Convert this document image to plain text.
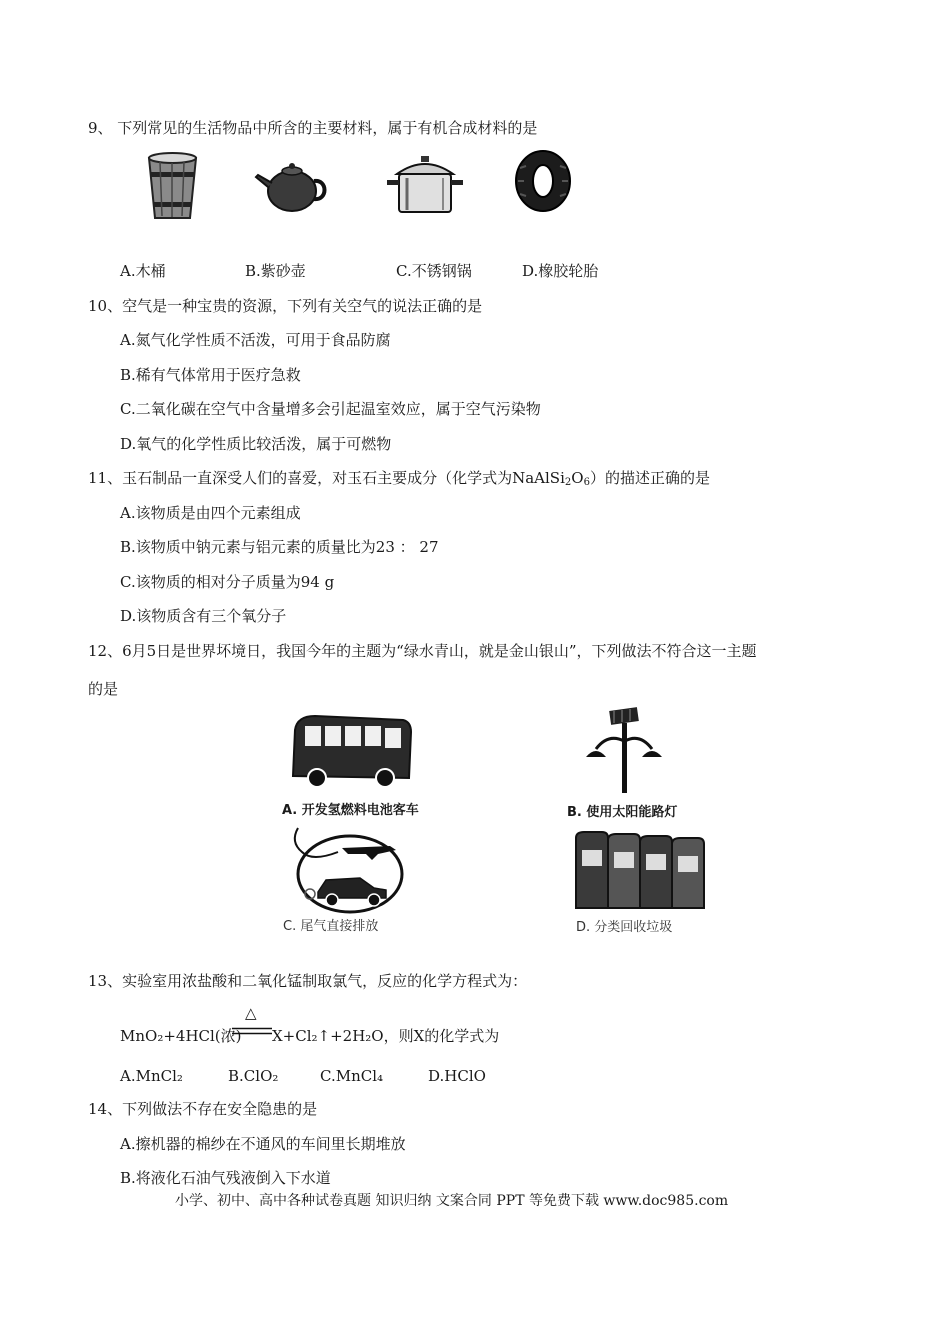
9、 下列常见的生活物品中所含的主要材料，属于有机合成材料的是
A.木桶	B.紫砂壶	C.不锈钢锅	D.橡胶轮胎
10、空气是一种宝贵的资源，下列有关空气的说法正确的是
A.氮气化学性质不活泼，可用于食品防腐
B.稀有气体常用于医疗急救
C.二氧化碳在空气中含量增多会引起温室效应，属于空气污染物
D.氧气的化学性质比较活泼，属于可燃物
11、玉石制品一直深受人们的喜爱，对玉石主要成分（化学式为$NaAlSi_2O_6$）的描述正确的是
A.该物质是由四个元素组成
B.该物质中钠元素与铝元素的质量比为23 ： 27
C.该物质的相对分子质量为94 g
D.该物质含有三个氧分子
12、6月5日是世界坏境日，我国今年的主题为“绿水青山，就是金山银山”，下列做法不符合这一主题
的是
A. 开发氢燃料电池客车	B. 使用太阳能路灯
C. 尾气直接排放	D. 分类回收垃圾
13、实验室用浓盐酸和二氧化锰制取氯气，反应的化学方程式为：
MnO₂+4HCl(浓)
△
X+Cl₂↑+2H₂O，则X的化学式为
A.MnCl₂	B.ClO₂	C.MnCl₄	D.HClO
14、下列做法不存在安全隐患的是
A.擦机器的棉纱在不通风的车间里长期堆放
B.将液化石油气残液倒入下水道
小学、初中、高中各种试卷真题 知识归纳 文案合同 PPT 等免费下载 www.doc985.com
